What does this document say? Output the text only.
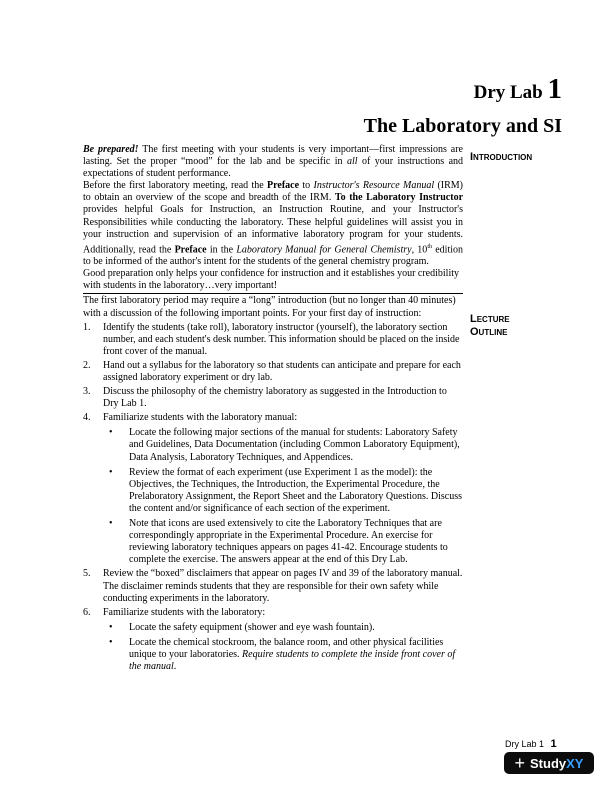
Dry Lab 1
The Laboratory and SI
Introduction
Lecture
Outline

Be prepared! The first meeting with your students is very important—first impressions are lasting. Set the proper “mood” for the lab and be specific in all of your instructions and expectations of student performance.

Before the first laboratory meeting, read the Preface to Instructor's Resource Manual (IRM) to obtain an overview of the scope and breadth of the IRM. To the Laboratory Instructor provides helpful Goals for Instruction, an Instruction Routine, and your Instructor's Responsibilities while conducting the laboratory. These helpful guidelines will assist you in your instruction and supervision of an informative laboratory program for your students. Additionally, read the Preface in the Laboratory Manual for General Chemistry, 10th edition to be informed of the author's intent for the students of the general chemistry program.

Good preparation only helps your confidence for instruction and it establishes your credibility with students in the laboratory…very important!

The first laboratory period may require a “long” introduction (but no longer than 40 minutes) with a discussion of the following important points. For your first day of instruction:

1. Identify the students (take roll), laboratory instructor (yourself), the laboratory section number, and each student's desk number. This information should be placed on the inside front cover of the manual.
2. Hand out a syllabus for the laboratory so that students can anticipate and prepare for each assigned laboratory experiment or dry lab.
3. Discuss the philosophy of the chemistry laboratory as suggested in the Introduction to Dry Lab 1.
4. Familiarize students with the laboratory manual:
• Locate the following major sections of the manual for students: Laboratory Safety and Guidelines, Data Documentation (including Common Laboratory Equipment), Data Analysis, Laboratory Techniques, and Appendices.
• Review the format of each experiment (use Experiment 1 as the model): the Objectives, the Techniques, the Introduction, the Experimental Procedure, the Prelaboratory Assignment, the Report Sheet and the Laboratory Questions. Discuss the content and/or significance of each section of the experiment.
• Note that icons are used extensively to cite the Laboratory Techniques that are correspondingly appropriate in the Experimental Procedure. An exercise for reviewing laboratory techniques appears on pages 41-42. Encourage students to complete the exercise. The answers appear at the end of this Dry Lab.
5. Review the “boxed” disclaimers that appear on pages IV and 39 of the laboratory manual. The disclaimer reminds students that they are responsible for their own safety while conducting experiments in the laboratory.
6. Familiarize students with the laboratory:
• Locate the safety equipment (shower and eye wash fountain).
• Locate the chemical stockroom, the balance room, and other physical facilities unique to your laboratories. Require students to complete the inside front cover of the manual.
Dry Lab 1 1
+ StudyXY
